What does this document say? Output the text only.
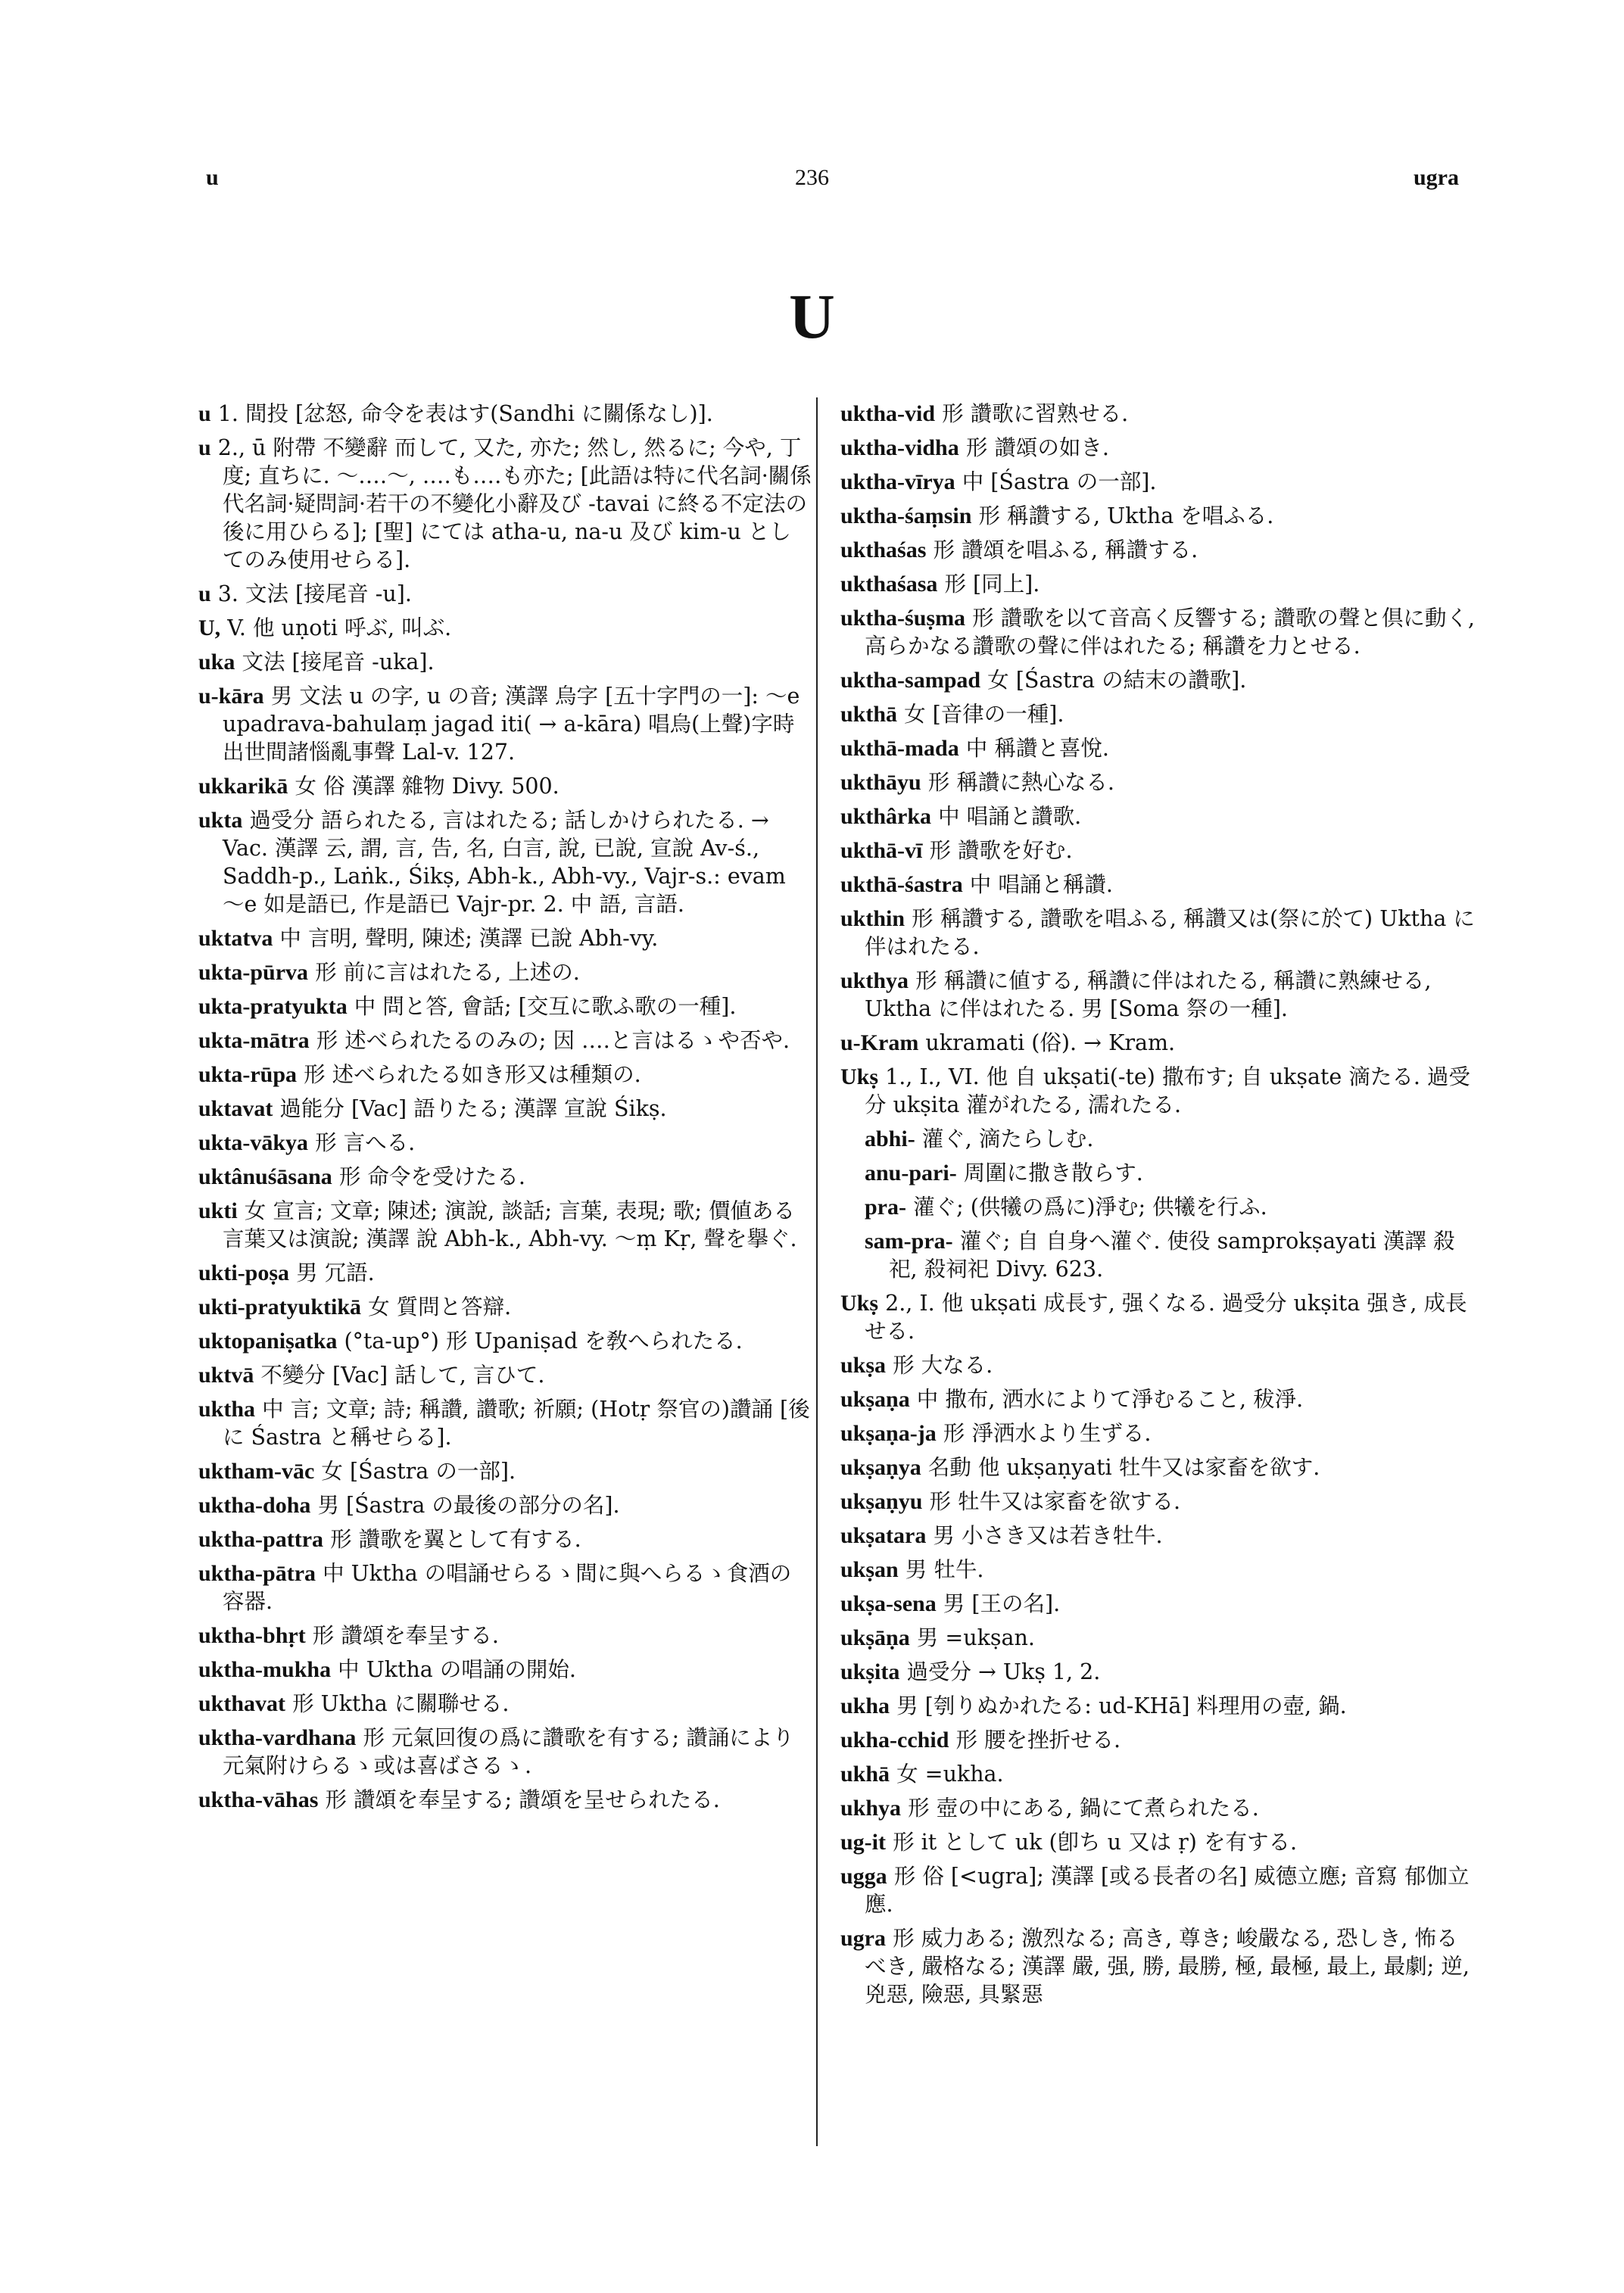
u	236	ugra
U

u 1. 間投 [忿怒, 命令を表はす(Sandhi に關係なし)].

u 2., ū 附帶 不變辭 而して, 又た, 亦た; 然し, 然るに; 今や, 丁度; 直ちに. 〜‥‥〜, ‥‥も‥‥も亦た; [此語は特に代名詞·關係代名詞·疑問詞·若干の不變化小辭及び -tavai に終る不定法の後に用ひらる]; [聖] にては atha-u, na-u 及び kim-u としてのみ使用せらる].

u 3. 文法 [接尾音 -u].

U, V. 他 uṇoti 呼ぶ, 叫ぶ.

uka 文法 [接尾音 -uka].

u-kāra 男 文法 u の字, u の音; 漢譯 烏字 [五十字門の一]: 〜e upadrava-bahulaṃ jagad iti( → a-kāra) 唱烏(上聲)字時出世間諸惱亂事聲 Lal-v. 127.

ukkarikā 女 俗 漢譯 雜物 Divy. 500.

ukta 過受分 語られたる, 言はれたる; 話しかけられたる. → Vac. 漢譯 云, 謂, 言, 告, 名, 白言, 說, 已說, 宣說 Av-ś., Saddh-p., Laṅk., Śikṣ, Abh-k., Abh-vy., Vajr-s.: evam 〜e 如是語已, 作是語已 Vajr-pr. 2. 中 語, 言語.

uktatva 中 言明, 聲明, 陳述; 漢譯 已說 Abh-vy.

ukta-pūrva 形 前に言はれたる, 上述の.

ukta-pratyukta 中 問と答, 會話; [交互に歌ふ歌の一種].

ukta-mātra 形 述べられたるのみの; 因 ‥‥と言はるゝや否や.

ukta-rūpa 形 述べられたる如き形又は種類の.

uktavat 過能分 [Vac] 語りたる; 漢譯 宣說 Śikṣ.

ukta-vākya 形 言へる.

uktânuśāsana 形 命令を受けたる.

ukti 女 宣言; 文章; 陳述; 演說, 談話; 言葉, 表現; 歌; 價値ある言葉又は演說; 漢譯 說 Abh-k., Abh-vy. 〜ṃ Kṛ, 聲を擧ぐ.

ukti-poṣa 男 冗語.

ukti-pratyuktikā 女 質問と答辯.

uktopaniṣatka (°ta-up°) 形 Upaniṣad を敎へられたる.

uktvā 不變分 [Vac] 話して, 言ひて.

uktha 中 言; 文章; 詩; 稱讚, 讚歌; 祈願; (Hotṛ 祭官の)讚誦 [後に Śastra と稱せらる].

uktham-vāc 女 [Śastra の一部].

uktha-doha 男 [Śastra の最後の部分の名].

uktha-pattra 形 讚歌を翼として有する.

uktha-pātra 中 Uktha の唱誦せらるゝ間に與へらるゝ食酒の容器.

uktha-bhṛt 形 讚頌を奉呈する.

uktha-mukha 中 Uktha の唱誦の開始.

ukthavat 形 Uktha に關聯せる.

uktha-vardhana 形 元氣回復の爲に讚歌を有する; 讚誦により元氣附けらるゝ或は喜ばさるゝ.

uktha-vāhas 形 讚頌を奉呈する; 讚頌を呈せられたる.

uktha-vid 形 讚歌に習熟せる.

uktha-vidha 形 讚頌の如き.

uktha-vīrya 中 [Śastra の一部].

uktha-śaṃsin 形 稱讚する, Uktha を唱ふる.

ukthaśas 形 讚頌を唱ふる, 稱讚する.

ukthaśasa 形 [同上].

uktha-śuṣma 形 讚歌を以て音高く反響する; 讚歌の聲と倶に動く, 高らかなる讚歌の聲に伴はれたる; 稱讚を力とせる.

uktha-sampad 女 [Śastra の結末の讚歌].

ukthā 女 [音律の一種].

ukthā-mada 中 稱讚と喜悅.

ukthāyu 形 稱讚に熱心なる.

ukthârka 中 唱誦と讚歌.

ukthā-vī 形 讚歌を好む.

ukthā-śastra 中 唱誦と稱讚.

ukthin 形 稱讚する, 讚歌を唱ふる, 稱讚又は(祭に於て) Uktha に伴はれたる.

ukthya 形 稱讚に値する, 稱讚に伴はれたる, 稱讚に熟練せる, Uktha に伴はれたる. 男 [Soma 祭の一種].

u-Kram ukramati (俗). → Kram.

Ukṣ 1., I., VI. 他 自 ukṣati(-te) 撒布す; 自 ukṣate 滴たる. 過受分 ukṣita 灌がれたる, 濡れたる.

abhi- 灌ぐ, 滴たらしむ.

anu-pari- 周圍に撒き散らす.

pra- 灌ぐ; (供犧の爲に)淨む; 供犧を行ふ.

sam-pra- 灌ぐ; 自 自身へ灌ぐ. 使役 samprokṣayati 漢譯 殺祀, 殺祠祀 Divy. 623.

Ukṣ 2., I. 他 ukṣati 成長す, 强くなる. 過受分 ukṣita 强き, 成長せる.

ukṣa 形 大なる.

ukṣaṇa 中 撒布, 洒水によりて淨むること, 秡淨.

ukṣaṇa-ja 形 淨洒水より生ずる.

ukṣaṇya 名動 他 ukṣaṇyati 牡牛又は家畜を欲す.

ukṣaṇyu 形 牡牛又は家畜を欲する.

ukṣatara 男 小さき又は若き牡牛.

ukṣan 男 牡牛.

ukṣa-sena 男 [王の名].

ukṣāṇa 男 =ukṣan.

ukṣita 過受分 → Ukṣ 1, 2.

ukha 男 [刳りぬかれたる: ud-KHā] 料理用の壺, 鍋.

ukha-cchid 形 腰を挫折せる.

ukhā 女 =ukha.

ukhya 形 壺の中にある, 鍋にて煮られたる.

ug-it 形 it として uk (卽ち u 又は ṛ) を有する.

ugga 形 俗 [<ugra]; 漢譯 [或る長者の名] 威德立應; 音寫 郁伽立應.

ugra 形 威力ある; 激烈なる; 高き, 尊き; 峻嚴なる, 恐しき, 怖るべき, 嚴格なる; 漢譯 嚴, 强, 勝, 最勝, 極, 最極, 最上, 最劇; 逆, 兇惡, 險惡, 具緊惡
